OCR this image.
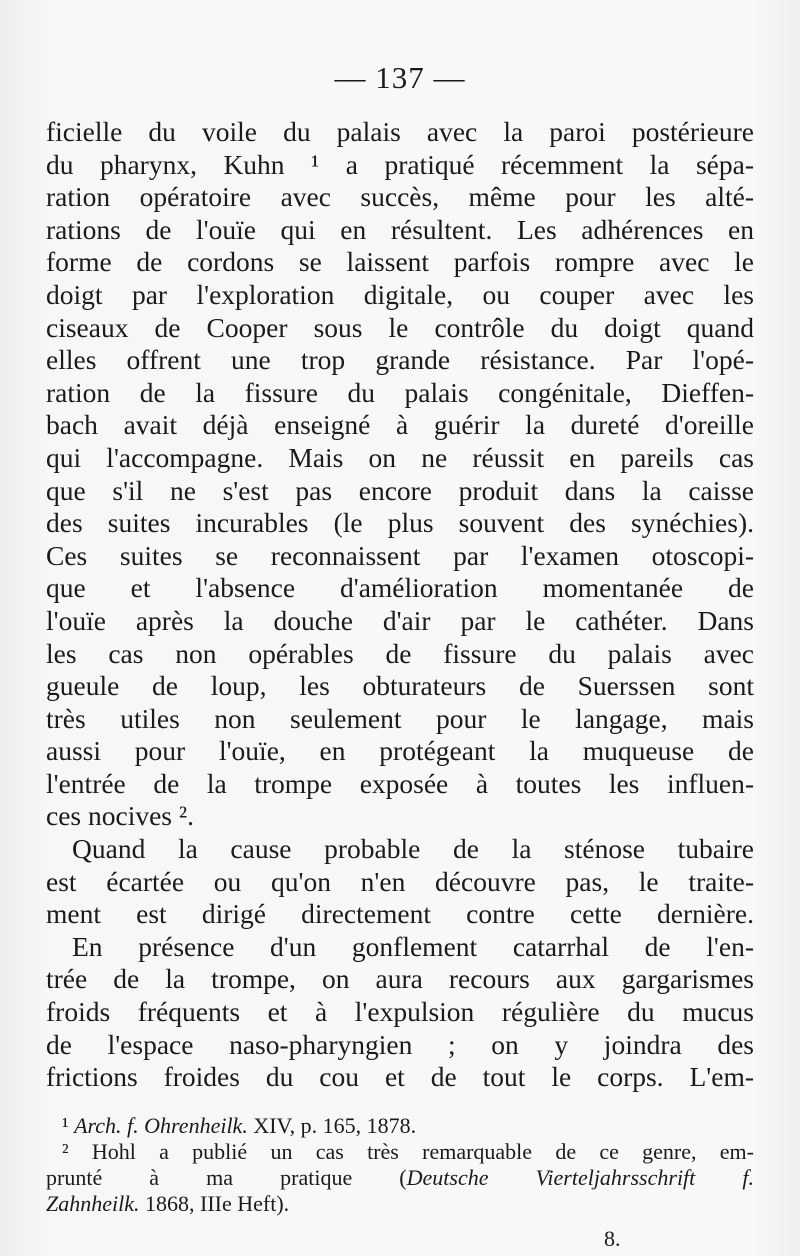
— 137 —
ficielle du voile du palais avec la paroi postérieure
du pharynx, Kuhn ¹ a pratiqué récemment la sépa-
ration opératoire avec succès, même pour les alté-
rations de l'ouïe qui en résultent. Les adhérences en
forme de cordons se laissent parfois rompre avec le
doigt par l'exploration digitale, ou couper avec les
ciseaux de Cooper sous le contrôle du doigt quand
elles offrent une trop grande résistance. Par l'opé-
ration de la fissure du palais congénitale, Dieffen-
bach avait déjà enseigné à guérir la dureté d'oreille
qui l'accompagne. Mais on ne réussit en pareils cas
que s'il ne s'est pas encore produit dans la caisse
des suites incurables (le plus souvent des synéchies).
Ces suites se reconnaissent par l'examen otoscopi-
que et l'absence d'amélioration momentanée de
l'ouïe après la douche d'air par le cathéter. Dans
les cas non opérables de fissure du palais avec
gueule de loup, les obturateurs de Suerssen sont
très utiles non seulement pour le langage, mais
aussi pour l'ouïe, en protégeant la muqueuse de
l'entrée de la trompe exposée à toutes les influen-
ces nocives ².
Quand la cause probable de la sténose tubaire
est écartée ou qu'on n'en découvre pas, le traite-
ment est dirigé directement contre cette dernière.
En présence d'un gonflement catarrhal de l'en-
trée de la trompe, on aura recours aux gargarismes
froids fréquents et à l'expulsion régulière du mucus
de l'espace naso-pharyngien ; on y joindra des
frictions froides du cou et de tout le corps. L'em-
¹ Arch. f. Ohrenheilk. XIV, p. 165, 1878.
² Hohl a publié un cas très remarquable de ce genre, em-
prunté à ma pratique (Deutsche Vierteljahrsschrift f.
Zahnheilk. 1868, IIIe Heft).
8.
